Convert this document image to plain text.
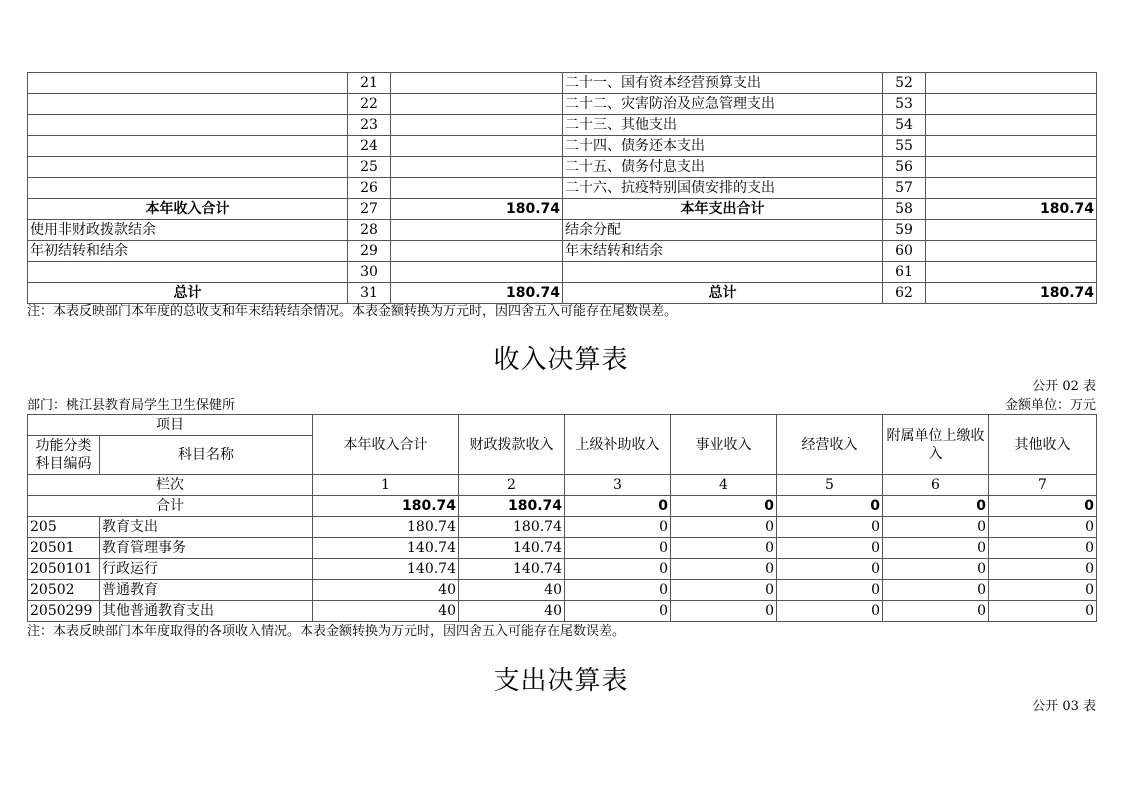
	21		二十一、国有资本经营预算支出	52	
	22		二十二、灾害防治及应急管理支出	53	
	23		二十三、其他支出	54	
	24		二十四、债务还本支出	55	
	25		二十五、债务付息支出	56	
	26		二十六、抗疫特别国债安排的支出	57	
本年收入合计	27	180.74	本年支出合计	58	180.74
使用非财政拨款结余	28		结余分配	59	
年初结转和结余	29		年末结转和结余	60	
	30			61	
总计	31	180.74	总计	62	180.74
注：本表反映部门本年度的总收支和年末结转结余情况。本表金额转换为万元时，因四舍五入可能存在尾数误差。
收入决算表
公开 02 表
部门：桃江县教育局学生卫生保健所	金额单位：万元
项目		本年收入合计	财政拨款收入	上级补助收入	事业收入	经营收入	附属单位上缴收入	其他收入
功能分类科目编码	科目名称							

栏次		1	2	3	4	5	6	7
合计		180.74	180.74	0	0	0	0	0
205	教育支出	180.74	180.74	0	0	0	0	0
20501	教育管理事务	140.74	140.74	0	0	0	0	0
2050101	行政运行	140.74	140.74	0	0	0	0	0
20502	普通教育	40	40	0	0	0	0	0
2050299	其他普通教育支出	40	40	0	0	0	0	0
注：本表反映部门本年度取得的各项收入情况。本表金额转换为万元时，因四舍五入可能存在尾数误差。
支出决算表
公开 03 表
